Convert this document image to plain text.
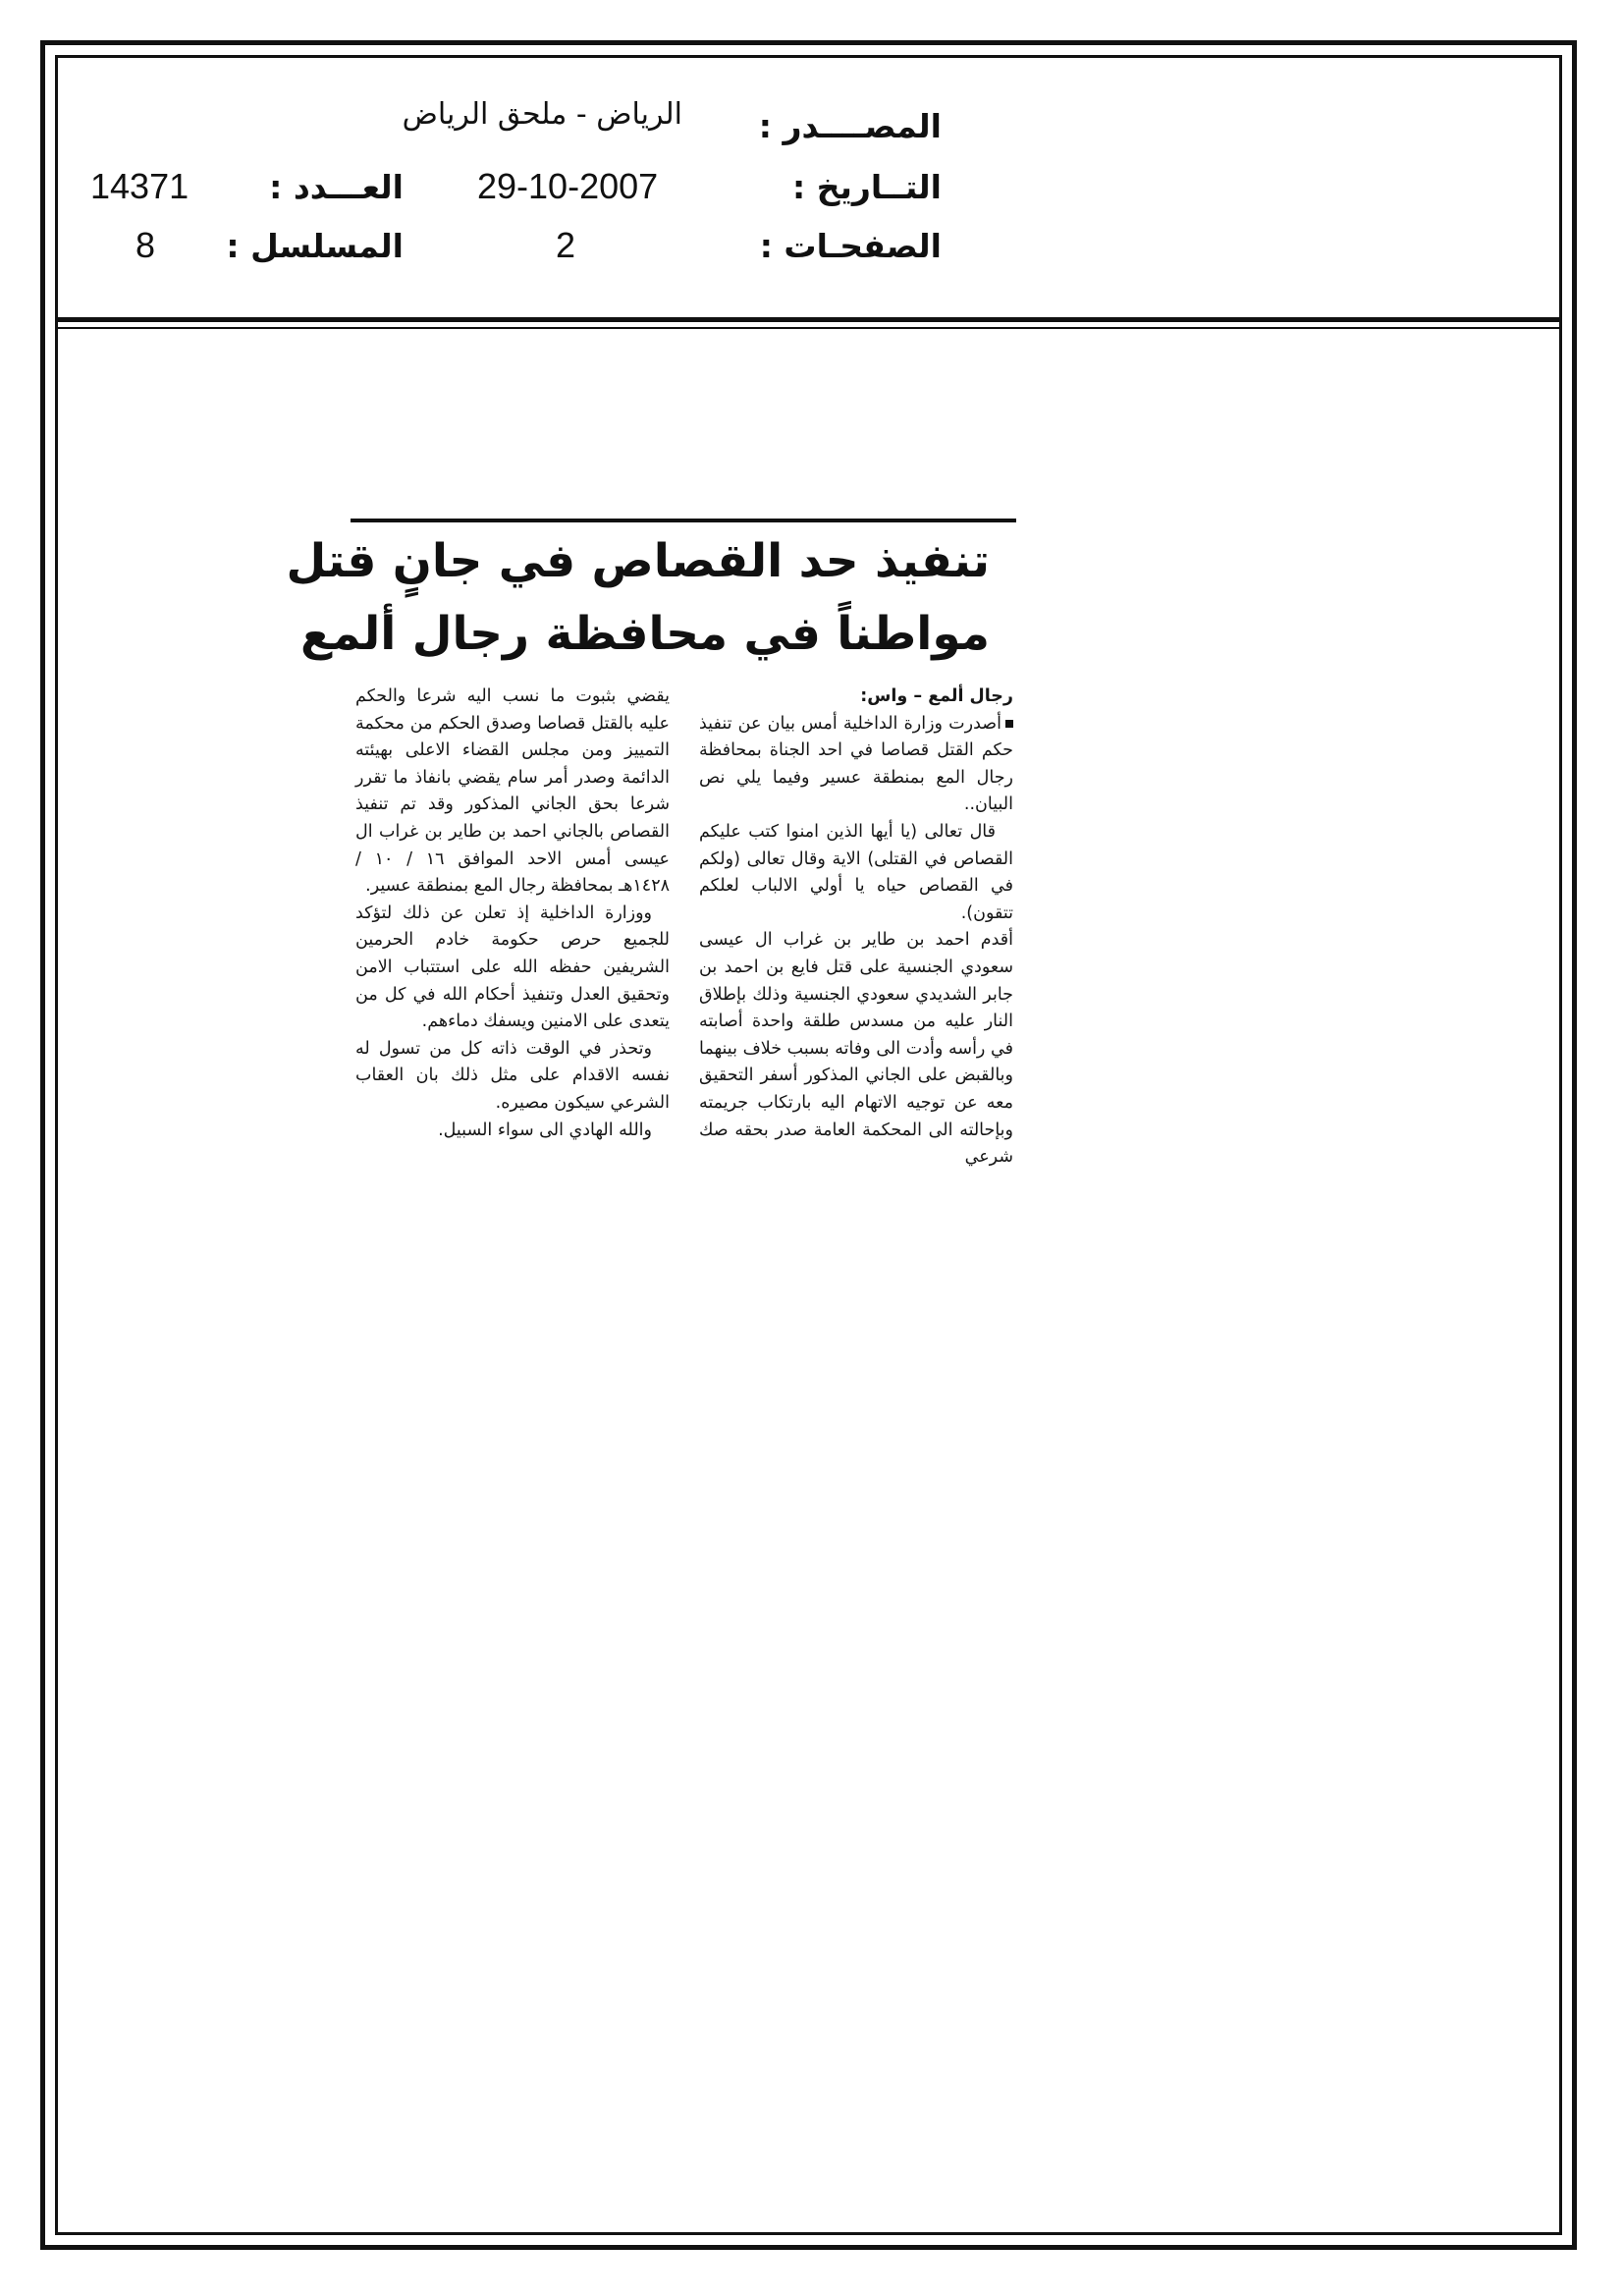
المصــــدر :
التــاريخ :
الصفحـات :
الرياض - ملحق الرياض
29-10-2007
2
العـــدد :
المسلسل :
14371
8
تنفيذ حد القصاص في جانٍ قتل
مواطناً في محافظة رجال ألمع

رجال ألمع – واس:

أصدرت وزارة الداخلية أمس بيان عن تنفيذ حكم القتل قصاصا في احد الجناة بمحافظة رجال المع بمنطقة عسير وفيما يلي نص البيان..

قال تعالى (يا أيها الذين امنوا كتب عليكم القصاص في القتلى) الاية وقال تعالى (ولكم في القصاص حياه يا أولي الالباب لعلكم تتقون).

أقدم احمد بن طاير بن غراب ال عيسى سعودي الجنسية على قتل فايع بن احمد بن جابر الشديدي سعودي الجنسية وذلك بإطلاق النار عليه من مسدس طلقة واحدة أصابته في رأسه وأدت الى وفاته بسبب خلاف بينهما وبالقبض على الجاني المذكور أسفر التحقيق معه عن توجيه الاتهام اليه بارتكاب جريمته وبإحالته الى المحكمة العامة صدر بحقه صك شرعي

يقضي بثبوت ما نسب اليه شرعا والحكم عليه بالقتل قصاصا وصدق الحكم من محكمة التمييز ومن مجلس القضاء الاعلى بهيئته الدائمة وصدر أمر سام يقضي بانفاذ ما تقرر شرعا بحق الجاني المذكور وقد تم تنفيذ القصاص بالجاني احمد بن طاير بن غراب ال عيسى أمس الاحد الموافق ١٦ / ١٠ / ١٤٢٨هـ بمحافظة رجال المع بمنطقة عسير.

ووزارة الداخلية إذ تعلن عن ذلك لتؤكد للجميع حرص حكومة خادم الحرمين الشريفين حفظه الله على استتباب الامن وتحقيق العدل وتنفيذ أحكام الله في كل من يتعدى على الامنين ويسفك دماءهم.

وتحذر في الوقت ذاته كل من تسول له نفسه الاقدام على مثل ذلك بان العقاب الشرعي سيكون مصيره.

والله الهادي الى سواء السبيل.
